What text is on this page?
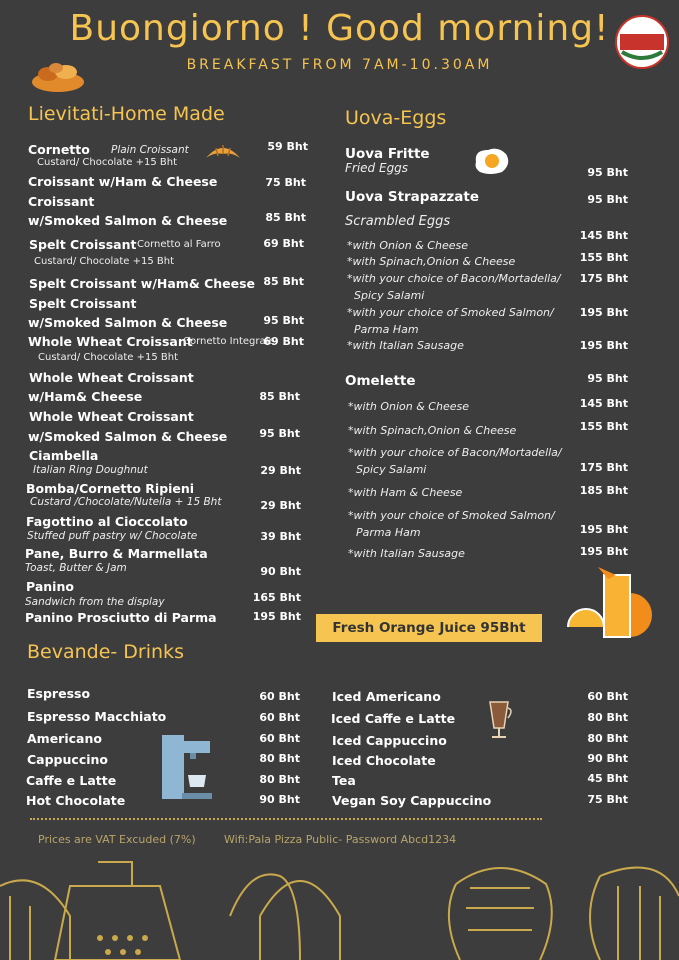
Buongiorno ! Good morning!
BREAKFAST FROM 7AM-10.30AM
Lievitati-Home Made	Uova-Eggs
Bevande- Drinks
Cornetto Plain Croissant
Custard/ Chocolate +15 Bht
59 Bht
Croissant w/Ham & Cheese	75 Bht
Croissant
w/Smoked Salmon & Cheese	85 Bht
Spelt Croissant Cornetto al Farro	69 Bht
Custard/ Chocolate +15 Bht
Spelt Croissant w/Ham& Cheese 85 Bht
Spelt Croissant
w/Smoked Salmon & Cheese	95 Bht
Whole Wheat Croissant
Cornetto Integrale
69 Bht
Custard/ Chocolate +15 Bht
Whole Wheat Croissant
w/Ham& Cheese	85 Bht
Whole Wheat Croissant
w/Smoked Salmon & Cheese	95 Bht
Ciambella
Italian Ring Doughnut	29 Bht
Bomba/Cornetto Ripieni
Custard /Chocolate/Nutella + 15 Bht	29 Bht
Fagottino al Cioccolato
Stuffed puff pastry w/ Chocolate	39 Bht
Pane, Burro & Marmellata
Toast, Butter & Jam	90 Bht
Panino
Sandwich from the display	165 Bht
Panino Prosciutto di Parma	195 Bht
Uova Fritte
Fried Eggs	95 Bht
Uova Strapazzate	95 Bht
Scrambled Eggs
*with Onion & Cheese
145 Bht
*with Spinach,Onion & Cheese	155 Bht
*with your choice of Bacon/Mortadella/
Spicy Salami
175 Bht
*with your choice of Smoked Salmon/
Parma Ham
195 Bht
*with Italian Sausage	195 Bht
Omelette	95 Bht
*with Onion & Cheese	145 Bht
*with Spinach,Onion & Cheese	155 Bht
*with your choice of Bacon/Mortadella/
Spicy Salami	175 Bht
*with Ham & Cheese	185 Bht
*with your choice of Smoked Salmon/
Parma Ham	195 Bht
*with Italian Sausage	195 Bht
Fresh Orange Juice 95Bht
Espresso	60 Bht
Espresso Macchiato	60 Bht
Americano	60 Bht
Cappuccino	80 Bht
Caffe e Latte	80 Bht
Hot Chocolate	90 Bht
Iced Americano	60 Bht
Iced Caffe e Latte	80 Bht
Iced Cappuccino	80 Bht
Iced Chocolate	90 Bht
Tea	45 Bht
Vegan Soy Cappuccino	75 Bht
Prices are VAT Excuded (7%)	Wifi:Pala Pizza Public- Password Abcd1234
